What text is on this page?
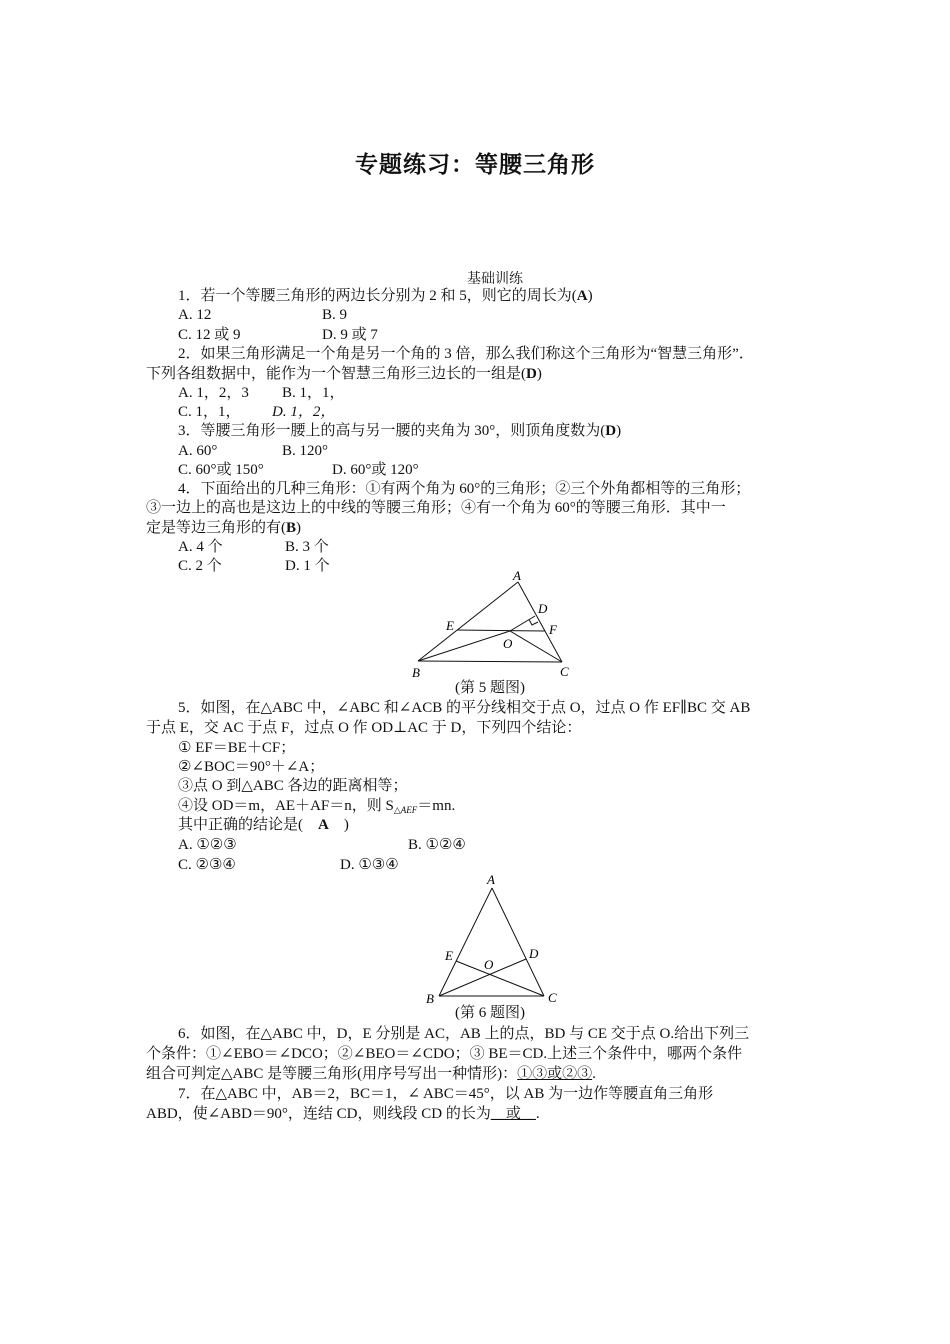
专题练习：等腰三角形
基础训练
1．若一个等腰三角形的两边长分别为 2 和 5，则它的周长为(A)
A. 12	B. 9
C. 12 或 9	D. 9 或 7
2．如果三角形满足一个角是另一个角的 3 倍，那么我们称这个三角形为“智慧三角形”．
下列各组数据中，能作为一个智慧三角形三边长的一组是(D)
A. 1，2，3 B. 1，1，
C. 1，1， D. 1，2，
3．等腰三角形一腰上的高与另一腰的夹角为 30°，则顶角度数为(D)
A. 60°	B. 120°
C. 60°或 150°	D. 60°或 120°
4．下面给出的几种三角形：①有两个角为 60°的三角形；②三个外角都相等的三角形；
③一边上的高也是这边上的中线的等腰三角形；④有一个角为 60°的等腰三角形．其中一
定是等边三角形的有(B)
A. 4 个	B. 3 个
C. 2 个	D. 1 个
A
D
E	F
O
B	C
(第 5 题图)
5．如图，在△ABC 中，∠ABC 和∠ACB 的平分线相交于点 O，过点 O 作 EF∥BC 交 AB
于点 E，交 AC 于点 F，过点 O 作 OD⊥AC 于 D，下列四个结论：
① EF＝BE＋CF；
②∠BOC＝90°＋∠A；
③点 O 到△ABC 各边的距离相等；
④设 OD＝m，AE＋AF＝n，则 $S_{\triangle AEF}=mn$.
其中正确的结论是(　A　)
A. ①②③	B. ①②④
C. ②③④	D. ①③④
A
E	D
O
B	C
(第 6 题图)
6．如图，在△ABC 中，D，E 分别是 AC，AB 上的点，BD 与 CE 交于点 O.给出下列三
个条件：①∠EBO＝∠DCO；②∠BEO＝∠CDO；③ BE＝CD.上述三个条件中，哪两个条件
组合可判定△ABC 是等腰三角形(用序号写出一种情形)：①③或②③.
7．在△ABC 中，AB＝2，BC＝1，∠ ABC＝45°，以 AB 为一边作等腰直角三角形
ABD，使∠ABD＝90°，连结 CD，则线段 CD 的长为__或__.
